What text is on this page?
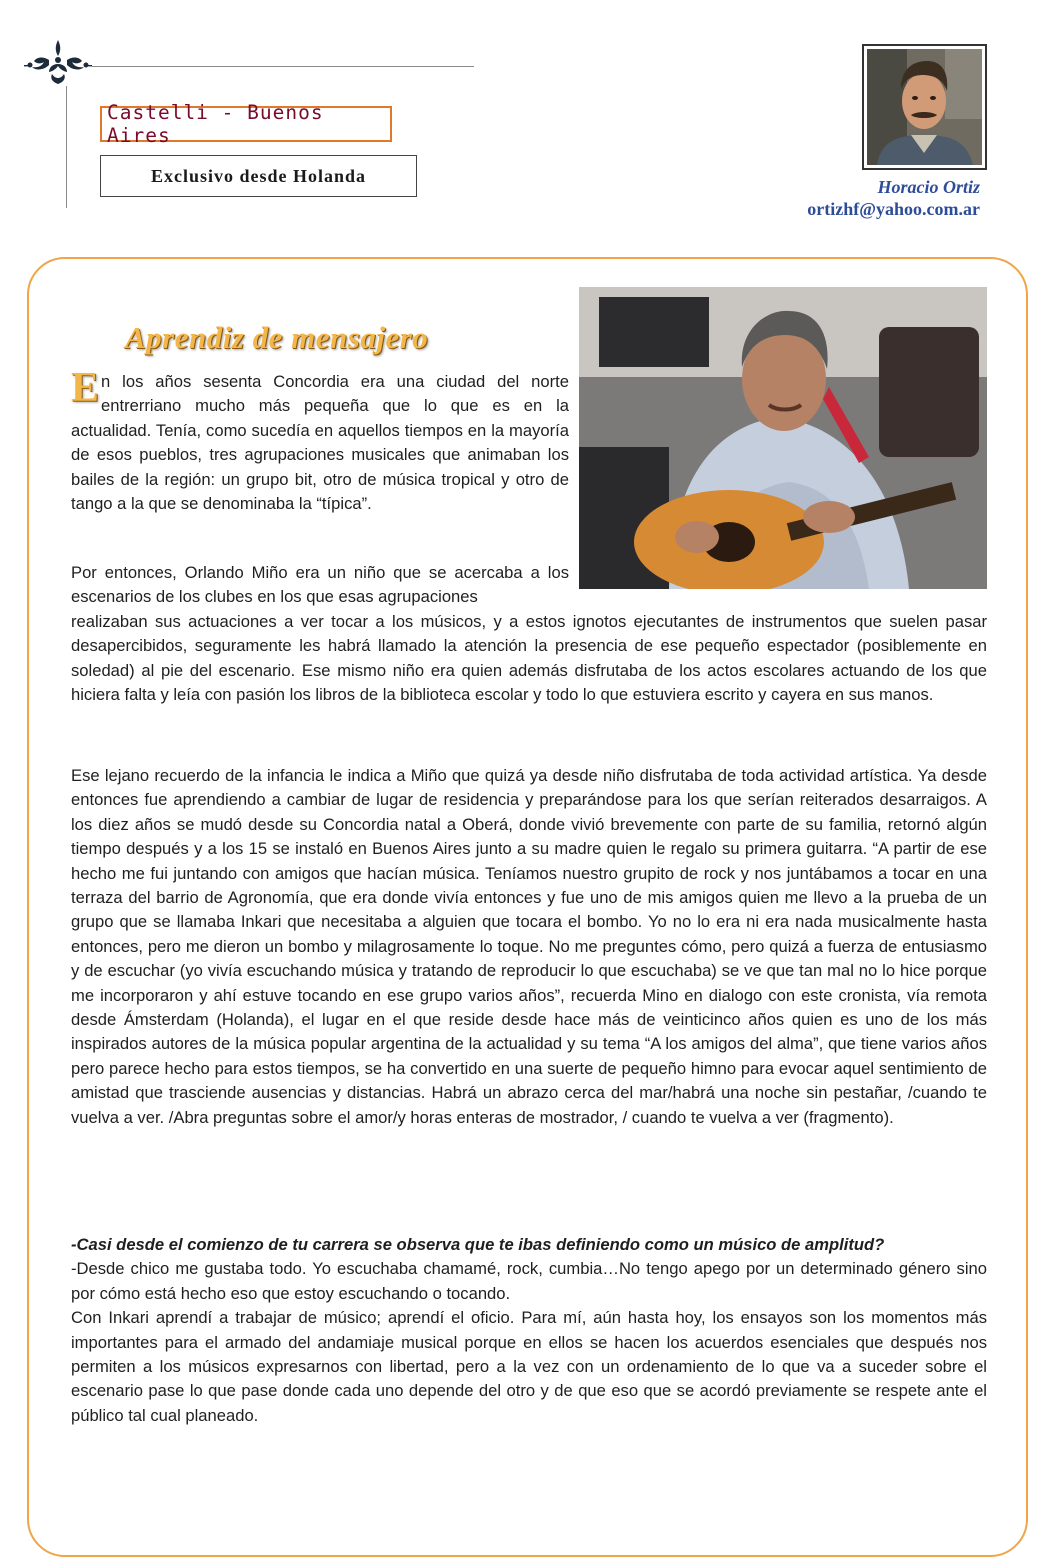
Castelli - Buenos Aires
Exclusivo desde Holanda
Horacio Ortiz
ortizhf@yahoo.com.ar
Aprendiz de mensajero
En los años sesenta Concordia era una ciudad del norte entrerriano mucho más pequeña que lo que es en la actualidad. Tenía, como sucedía en aquellos tiempos en la mayoría de esos pueblos, tres agrupaciones musicales que animaban los bailes de la región: un grupo bit, otro de música tropical y otro de tango a la que se denominaba la “típica”.
Por entonces, Orlando Miño era un niño que se acercaba a los escenarios de los clubes en los que esas agrupaciones
realizaban sus actuaciones a ver tocar a los músicos, y a estos ignotos ejecutantes de instrumentos que suelen pasar desapercibidos, seguramente les habrá llamado la atención la presencia de ese pequeño espectador (posiblemente en soledad) al pie del escenario. Ese mismo niño era quien además disfrutaba de los actos escolares actuando de los que hiciera falta y leía con pasión los libros de la biblioteca escolar y todo lo que estuviera escrito y cayera en sus manos.
Ese lejano recuerdo de la infancia le indica a Miño que quizá ya desde niño disfrutaba de toda actividad artística. Ya desde entonces fue aprendiendo a cambiar de lugar de residencia y preparándose para los que serían reiterados desarraigos. A los diez años se mudó desde su Concordia natal a Oberá, donde vivió brevemente con parte de su familia, retornó algún tiempo después y a los 15 se instaló en Buenos Aires junto a su madre quien le regalo su primera guitarra. “A partir de ese hecho me fui juntando con amigos que hacían música. Teníamos nuestro grupito de rock y nos juntábamos a tocar en una terraza del barrio de Agronomía, que era donde vivía entonces y fue uno de mis amigos quien me llevo a la prueba de un grupo que se llamaba Inkari que necesitaba a alguien que tocara el bombo. Yo no lo era ni era nada musicalmente hasta entonces, pero me dieron un bombo y milagrosamente lo toque. No me preguntes cómo, pero quizá a fuerza de entusiasmo y de escuchar (yo vivía escuchando música y tratando de reproducir lo que escuchaba) se ve que tan mal no lo hice porque me incorporaron y ahí estuve tocando en ese grupo varios años”, recuerda Mino en dialogo con este cronista, vía remota desde Ámsterdam (Holanda), el lugar en el que reside desde hace más de veinticinco años quien es uno de los más inspirados autores de la música popular argentina de la actualidad y su tema “A los amigos del alma”, que tiene varios años pero parece hecho para estos tiempos, se ha convertido en una suerte de pequeño himno para evocar aquel sentimiento de amistad que trasciende ausencias y distancias. Habrá un abrazo cerca del mar/habrá una noche sin pestañar, /cuando te vuelva a ver. /Abra preguntas sobre el amor/y horas enteras de mostrador, / cuando te vuelva a ver (fragmento).
-Casi desde el comienzo de tu carrera se observa que te ibas definiendo como un músico de amplitud?
-Desde chico me gustaba todo. Yo escuchaba chamamé, rock, cumbia…No tengo apego por un determinado género sino por cómo está hecho eso que estoy escuchando o tocando.
Con Inkari aprendí a trabajar de músico; aprendí el oficio. Para mí, aún hasta hoy, los ensayos son los momentos más importantes para el armado del andamiaje musical porque en ellos se hacen los acuerdos esenciales que después nos permiten a los músicos expresarnos con libertad, pero a la vez con un ordenamiento de lo que va a suceder sobre el escenario pase lo que pase donde cada uno depende del otro y de que eso que se acordó previamente se respete ante el público tal cual planeado.
